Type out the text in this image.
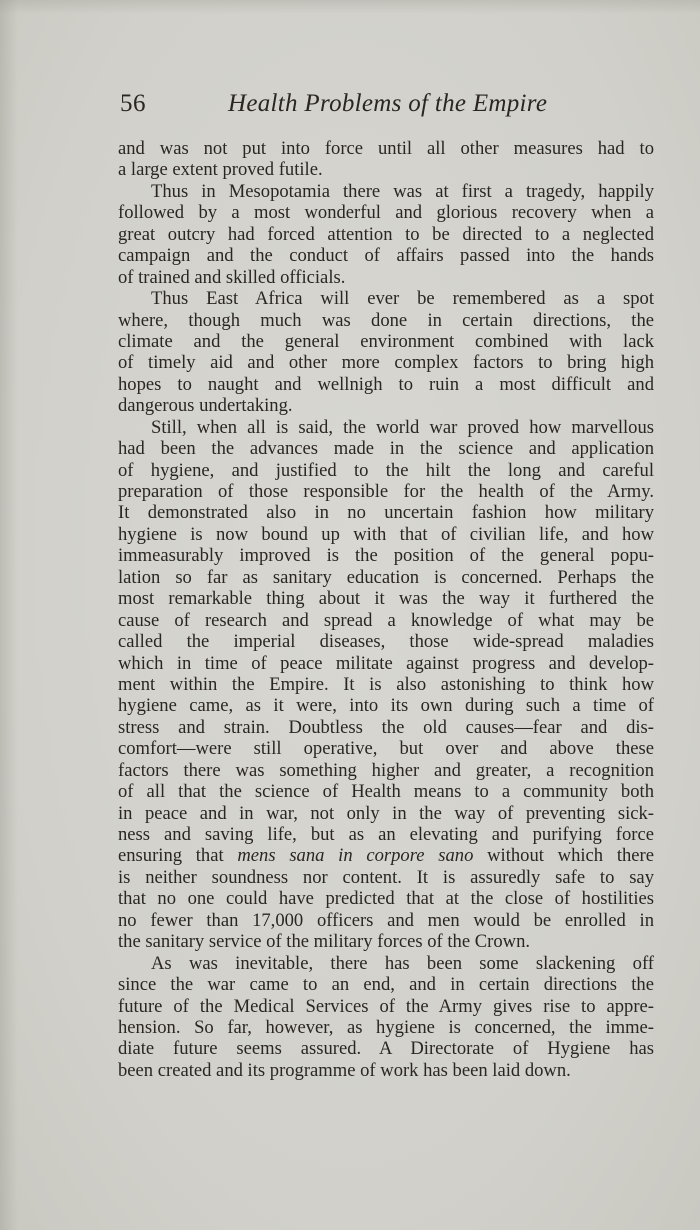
56	Health Problems of the Empire
and was not put into force until all other measures had to
a large extent proved futile.
Thus in Mesopotamia there was at first a tragedy, happily
followed by a most wonderful and glorious recovery when a
great outcry had forced attention to be directed to a neglected
campaign and the conduct of affairs passed into the hands
of trained and skilled officials.
Thus East Africa will ever be remembered as a spot
where, though much was done in certain directions, the
climate and the general environment combined with lack
of timely aid and other more complex factors to bring high
hopes to naught and wellnigh to ruin a most difficult and
dangerous undertaking.
Still, when all is said, the world war proved how marvellous
had been the advances made in the science and application
of hygiene, and justified to the hilt the long and careful
preparation of those responsible for the health of the Army.
It demonstrated also in no uncertain fashion how military
hygiene is now bound up with that of civilian life, and how
immeasurably improved is the position of the general popu-
lation so far as sanitary education is concerned. Perhaps the
most remarkable thing about it was the way it furthered the
cause of research and spread a knowledge of what may be
called the imperial diseases, those wide-spread maladies
which in time of peace militate against progress and develop-
ment within the Empire. It is also astonishing to think how
hygiene came, as it were, into its own during such a time of
stress and strain. Doubtless the old causes—fear and dis-
comfort—were still operative, but over and above these
factors there was something higher and greater, a recognition
of all that the science of Health means to a community both
in peace and in war, not only in the way of preventing sick-
ness and saving life, but as an elevating and purifying force
ensuring that mens sana in corpore sano without which there
is neither soundness nor content. It is assuredly safe to say
that no one could have predicted that at the close of hostilities
no fewer than 17,000 officers and men would be enrolled in
the sanitary service of the military forces of the Crown.
As was inevitable, there has been some slackening off
since the war came to an end, and in certain directions the
future of the Medical Services of the Army gives rise to appre-
hension. So far, however, as hygiene is concerned, the imme-
diate future seems assured. A Directorate of Hygiene has
been created and its programme of work has been laid down.
